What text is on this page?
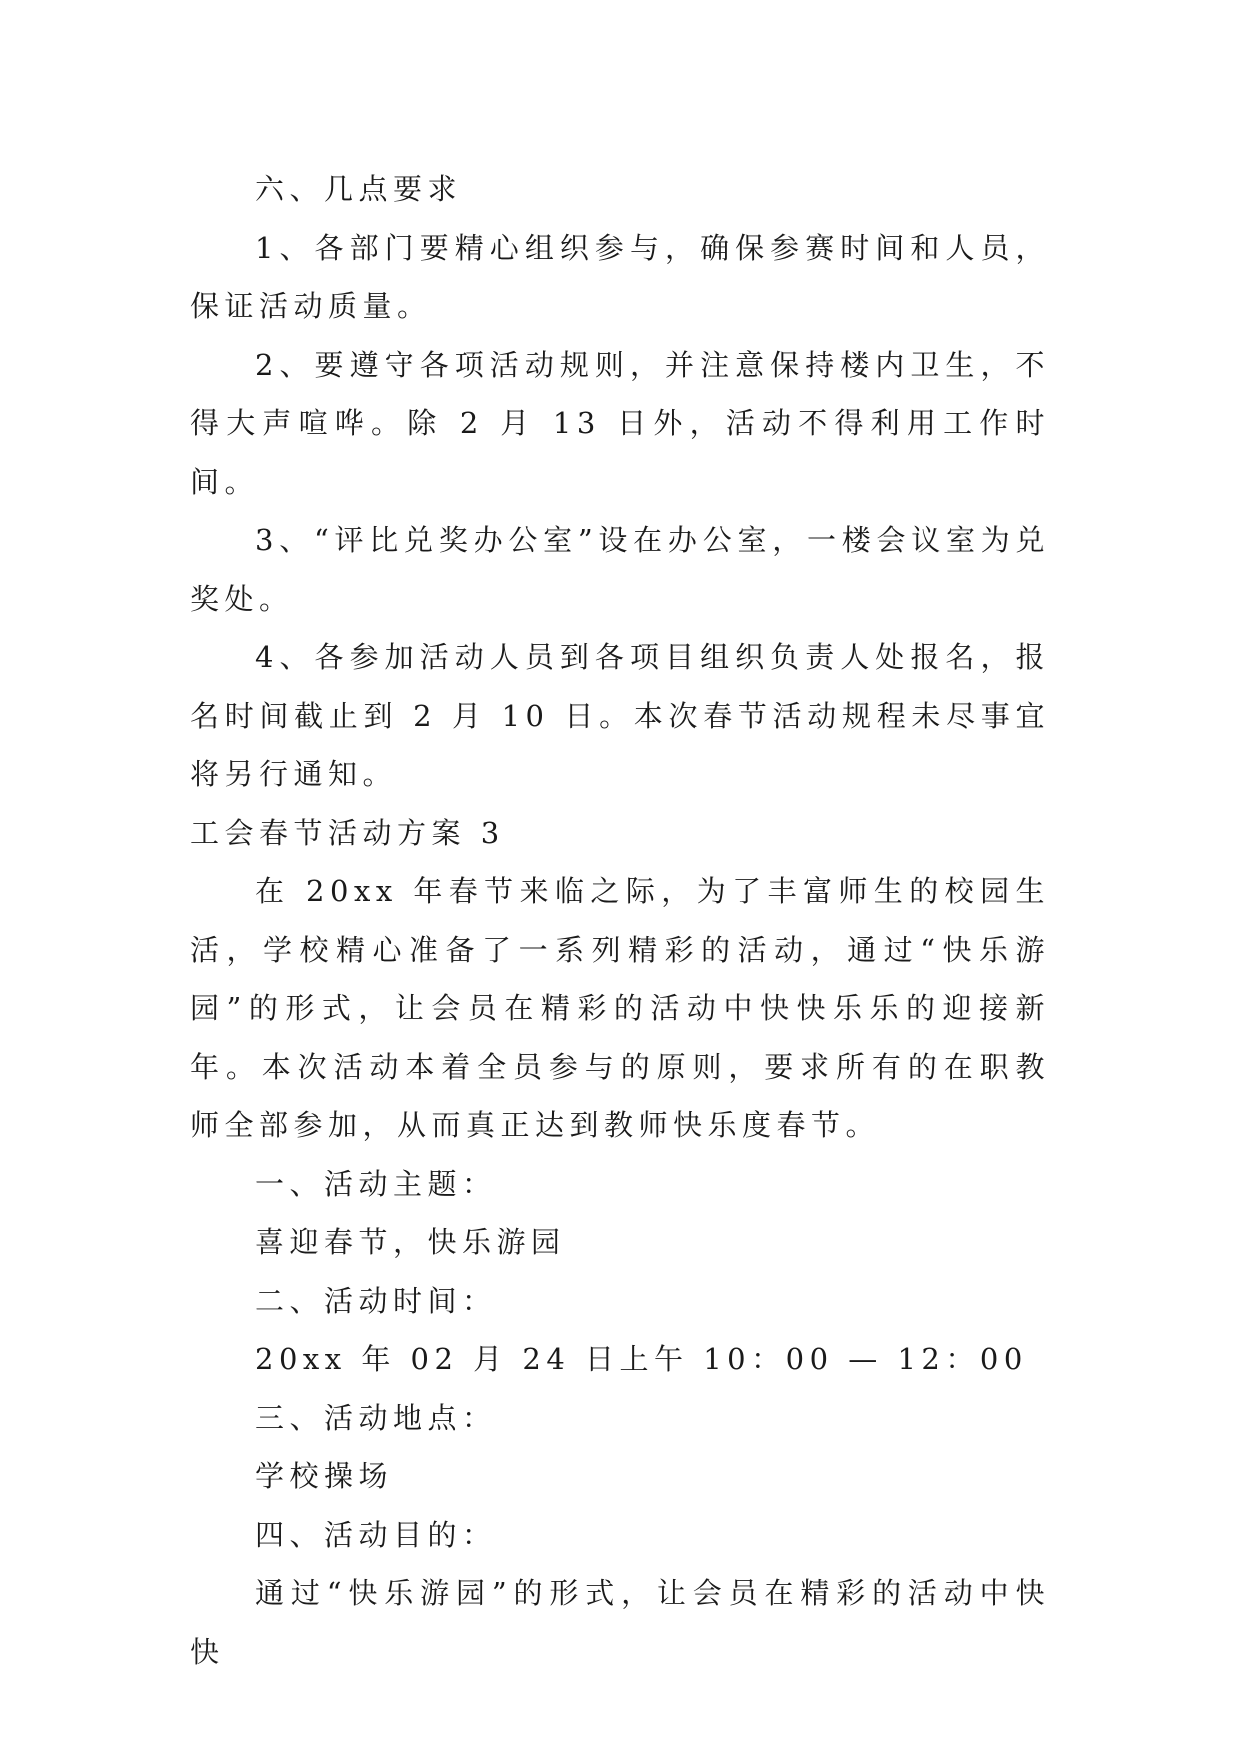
六、几点要求

1、各部门要精心组织参与，确保参赛时间和人员，保证活动质量。

2、要遵守各项活动规则，并注意保持楼内卫生，不得大声喧哗。除 2 月 13 日外，活动不得利用工作时间。

3、“评比兑奖办公室”设在办公室，一楼会议室为兑奖处。

4、各参加活动人员到各项目组织负责人处报名，报名时间截止到 2 月 10 日。本次春节活动规程未尽事宜将另行通知。

工会春节活动方案 3

在 20xx 年春节来临之际，为了丰富师生的校园生活，学校精心准备了一系列精彩的活动，通过“快乐游园”的形式，让会员在精彩的活动中快快乐乐的迎接新年。本次活动本着全员参与的原则，要求所有的在职教师全部参加，从而真正达到教师快乐度春节。

一、活动主题：

喜迎春节，快乐游园

二、活动时间：

20xx 年 02 月 24 日上午 10：00 — 12：00

三、活动地点：

学校操场

四、活动目的：

通过“快乐游园”的形式，让会员在精彩的活动中快快
